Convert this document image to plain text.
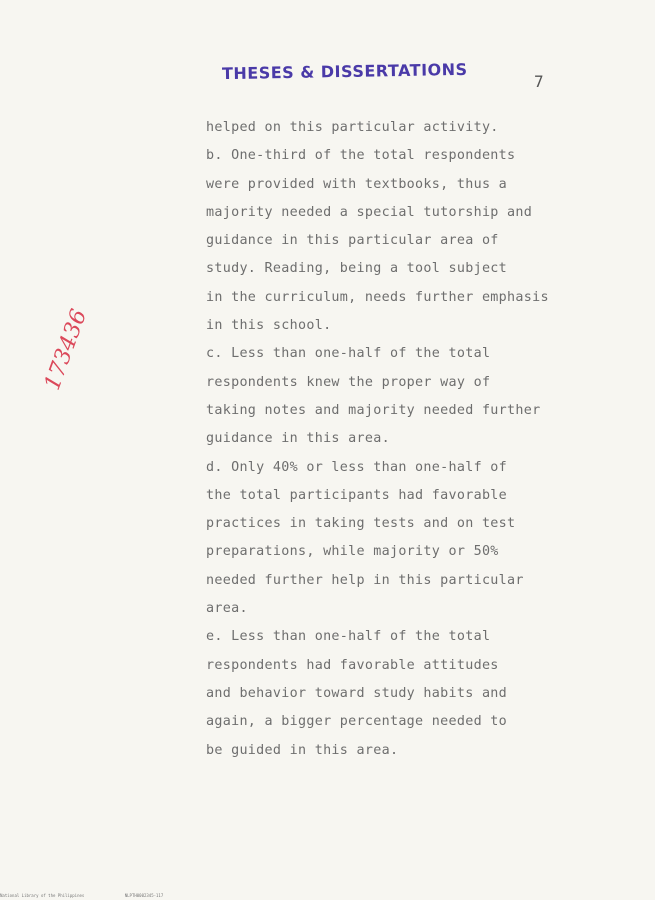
THESES & DISSERTATIONS	7
helped on this particular activity.
b. One-third of the total respondents
were provided with textbooks, thus a
majority needed a special tutorship and
guidance in this particular area of
study. Reading, being a tool subject
in the curriculum, needs further emphasis
in this school.
c. Less than one-half of the total
respondents knew the proper way of
taking notes and majority needed further
guidance in this area.
d. Only 40% or less than one-half of
the total participants had favorable
practices in taking tests and on test
preparations, while majority or 50%
needed further help in this particular
area.
e. Less than one-half of the total
respondents had favorable attitudes
and behavior toward study habits and
again, a bigger percentage needed to
be guided in this area.
173436
National Library of the Philippines	NLPTH0002345-117
